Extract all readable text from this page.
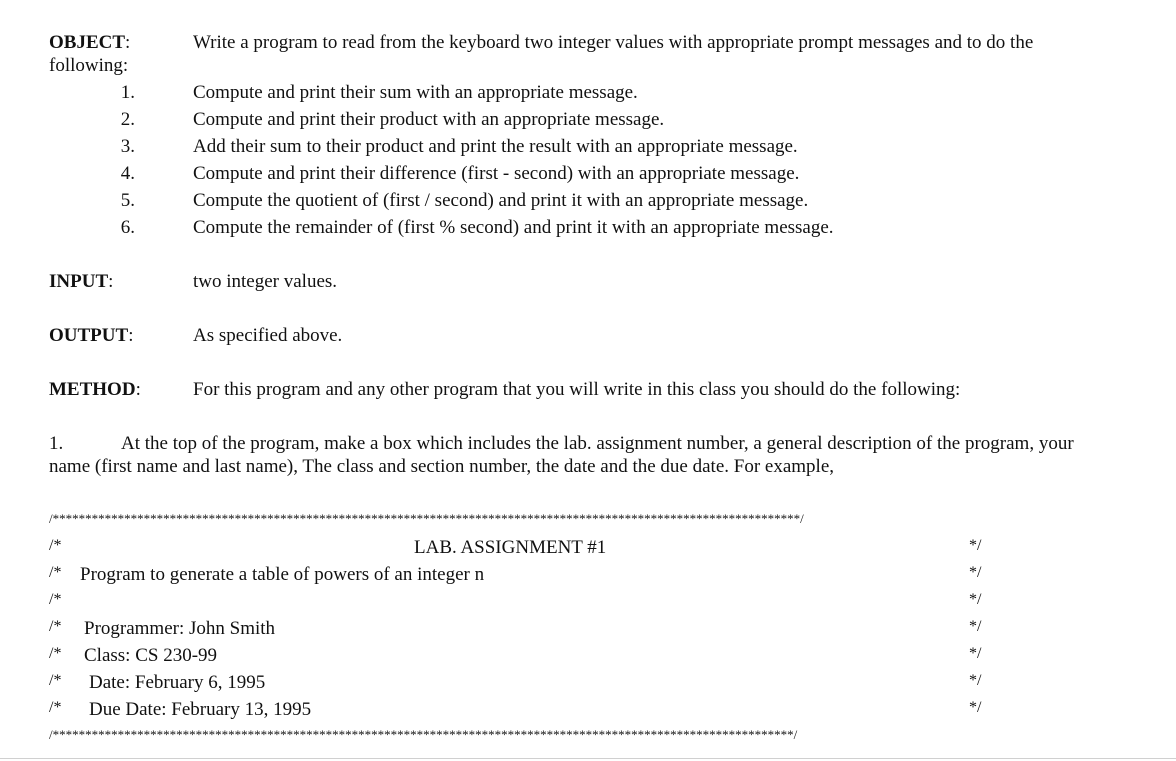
OBJECT:	Write a program to read from the keyboard two integer values with appropriate prompt messages and to do the
following:
1.	Compute and print their sum with an appropriate message.
2.	Compute and print their product with an appropriate message.
3.	Add their sum to their product and print the result with an appropriate message.
4.	Compute and print their difference (first - second) with an appropriate message.
5.	Compute the quotient of (first / second) and print it with an appropriate message.
6.	Compute the remainder of (first % second) and print it with an appropriate message.
INPUT:	two integer values.
OUTPUT:	As specified above.
METHOD:	For this program and any other program that you will write in this class you should do the following:
1.	At the top of the program, make a box which includes the lab. assignment number, a general description of the program, your
name (first name and last name), The class and section number, the date and the due date. For example,
/*******************************************************************************************************************/
/*	LAB. ASSIGNMENT #1	*/
/* Program to generate a table of powers of an integer n	*/
/*	*/
/* Programmer: John Smith	*/
/* Class: CS 230-99	*/
/* Date: February 6, 1995	*/
/* Due Date: February 13, 1995	*/
/******************************************************************************************************************/
